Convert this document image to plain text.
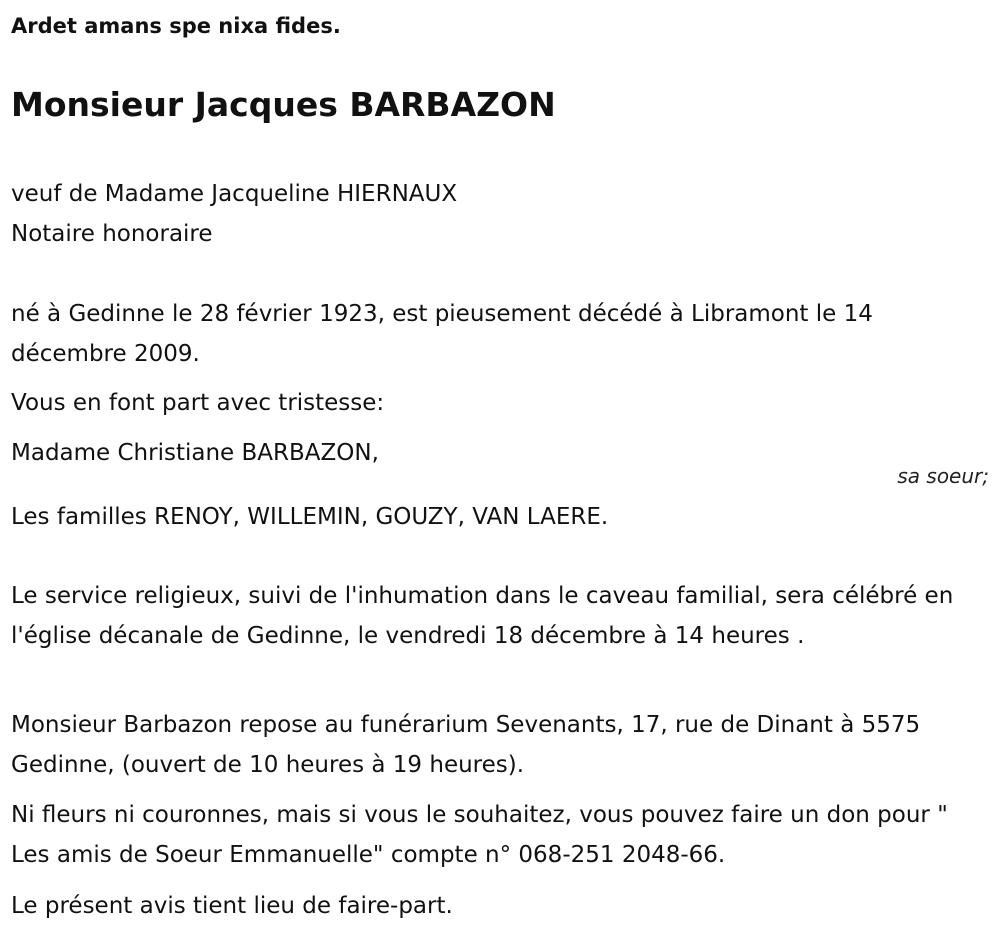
Ardet amans spe nixa fides.
Monsieur Jacques BARBAZON
veuf de Madame Jacqueline HIERNAUX
Notaire honoraire
né à Gedinne le 28 février 1923, est pieusement décédé à Libramont le 14 décembre 2009.
Vous en font part avec tristesse:
Madame Christiane BARBAZON,
sa soeur;
Les familles RENOY, WILLEMIN, GOUZY, VAN LAERE.
Le service religieux, suivi de l'inhumation dans le caveau familial, sera célébré en l'église décanale de Gedinne, le vendredi 18 décembre à 14 heures .
Monsieur Barbazon repose au funérarium Sevenants, 17, rue de Dinant à 5575 Gedinne, (ouvert de 10 heures à 19 heures).
Ni fleurs ni couronnes, mais si vous le souhaitez, vous pouvez faire un don pour " Les amis de Soeur Emmanuelle" compte n° 068-251 2048-66.
Le présent avis tient lieu de faire-part.
